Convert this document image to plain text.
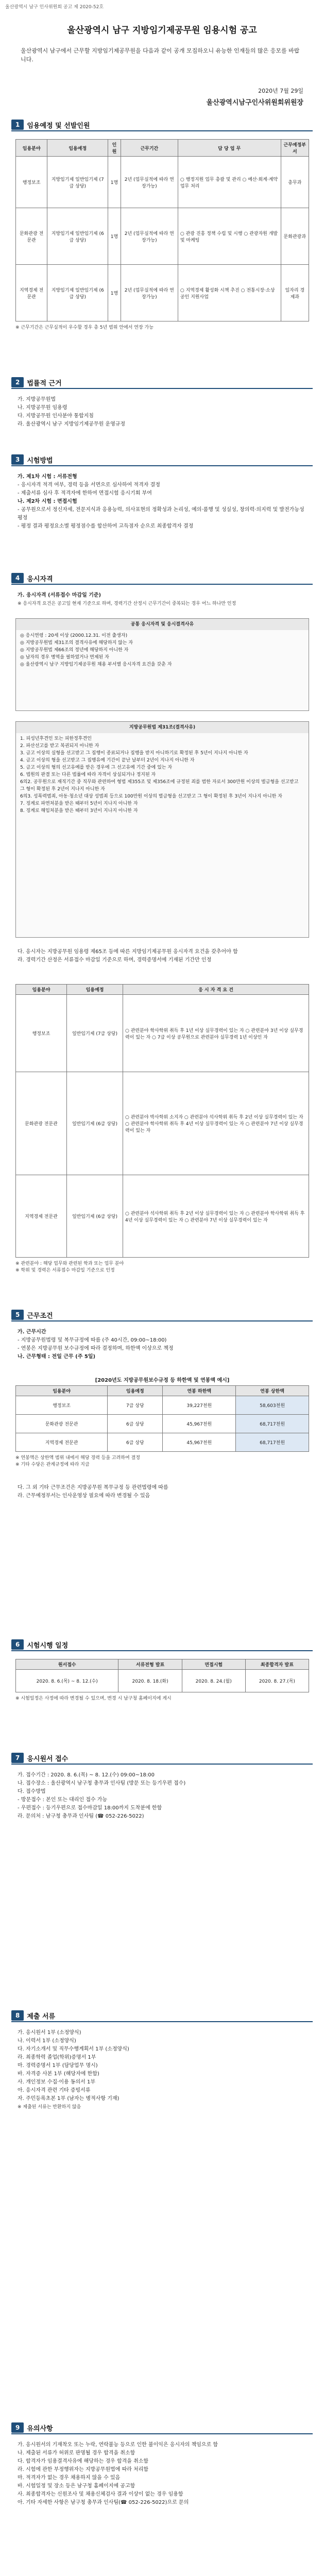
울산광역시 남구 인사위원회 공고 제 2020-52호
울산광역시 남구 지방임기제공무원 임용시험 공고
울산광역시 남구에서 근무할 지방임기제공무원을 다음과 같이 공개 모집하오니 유능한 인재들의 많은 응모를 바랍니다.
2020년 7월 29일
울산광역시남구인사위원회위원장
1	임용예정 및 선발인원
임용분야	임용예정	인원	근무기간	담 당 업 무	근무예정부서
행정보조	지방임기제 일반임기제 (7급 상당)	1명	2년 (업무실적에 따라 연장가능)	○ 행정지원 업무 총괄 및 관리 ○ 예산·회계·계약업무 처리	총무과
문화관광 전문관	지방임기제 일반임기제 (6급 상당)	1명	2년 (업무실적에 따라 연장가능)	○ 관광 진흥 정책 수립 및 시행 ○ 관광자원 개발 및 마케팅	문화관광과
지역경제 전문관	지방임기제 일반임기제 (6급 상당)	1명	2년 (업무실적에 따라 연장가능)	○ 지역경제 활성화 시책 추진 ○ 전통시장·소상공인 지원사업	일자리 경제과
※ 근무기간은 근무실적이 우수할 경우 총 5년 범위 안에서 연장 가능
2	법률적 근거

가. 지방공무원법

나. 지방공무원 임용령

다. 지방공무원 인사분야 통합지침

라. 울산광역시 남구 지방임기제공무원 운영규정

3	시험방법

가. 제1차 시험 : 서류전형

- 응시자격 적격 여부, 경력 등을 서면으로 심사하여 적격자 결정

- 제출서류 심사 후 적격자에 한하여 면접시험 응시기회 부여

나. 제2차 시험 : 면접시험

- 공무원으로서 정신자세, 전문지식과 응용능력, 의사표현의 정확성과 논리성, 예의·품행 및 성실성, 창의력·의지력 및 발전가능성 평정

- 평정 결과 평정요소별 평정점수를 합산하여 고득점자 순으로 최종합격자 결정

4	응시자격

가. 응시자격 (서류접수 마감일 기준)

※ 응시자격 요건은 공고일 현재 기준으로 하며, 경력기간 산정시 근무기간이 중복되는 경우 어느 하나만 인정

공통 응시자격 및 응시결격사유

◎ 응시연령 : 20세 이상 (2000.12.31. 이전 출생자)

◎ 지방공무원법 제31조의 결격사유에 해당하지 않는 자

◎ 지방공무원법 제66조의 정년에 해당하지 아니한 자

◎ 남자의 경우 병역을 필하였거나 면제된 자

◎ 울산광역시 남구 지방임기제공무원 채용 부서별 응시자격 요건을 갖춘 자

지방공무원법 제31조(결격사유)

1. 피성년후견인 또는 피한정후견인

2. 파산선고를 받고 복권되지 아니한 자

3. 금고 이상의 실형을 선고받고 그 집행이 종료되거나 집행을 받지 아니하기로 확정된 후 5년이 지나지 아니한 자

4. 금고 이상의 형을 선고받고 그 집행유예 기간이 끝난 날부터 2년이 지나지 아니한 자

5. 금고 이상의 형의 선고유예를 받은 경우에 그 선고유예 기간 중에 있는 자

6. 법원의 판결 또는 다른 법률에 따라 자격이 상실되거나 정지된 자

6의2. 공무원으로 재직기간 중 직무와 관련하여 형법 제355조 및 제356조에 규정된 죄를 범한 자로서 300만원 이상의 벌금형을 선고받고 그 형이 확정된 후 2년이 지나지 아니한 자

6의3. 성폭력범죄, 아동·청소년 대상 성범죄 등으로 100만원 이상의 벌금형을 선고받고 그 형이 확정된 후 3년이 지나지 아니한 자

7. 징계로 파면처분을 받은 때부터 5년이 지나지 아니한 자

8. 징계로 해임처분을 받은 때부터 3년이 지나지 아니한 자

다. 응시자는 지방공무원 임용령 제65조 등에 따른 지방임기제공무원 응시자격 요건을 갖추어야 함

라. 경력기간 산정은 서류접수 마감일 기준으로 하며, 경력증명서에 기재된 기간만 인정

임용분야	임용예정	응 시 자 격 요 건
행정보조	일반임기제 (7급 상당)	○ 관련분야 학사학위 취득 후 1년 이상 실무경력이 있는 자 ○ 관련분야 3년 이상 실무경력이 있는 자 ○ 7급 이상 공무원으로 관련분야 실무경력 1년 이상인 자
문화관광 전문관	일반임기제 (6급 상당)	○ 관련분야 박사학위 소지자 ○ 관련분야 석사학위 취득 후 2년 이상 실무경력이 있는 자 ○ 관련분야 학사학위 취득 후 4년 이상 실무경력이 있는 자 ○ 관련분야 7년 이상 실무경력이 있는 자
지역경제 전문관	일반임기제 (6급 상당)	○ 관련분야 석사학위 취득 후 2년 이상 실무경력이 있는 자 ○ 관련분야 학사학위 취득 후 4년 이상 실무경력이 있는 자 ○ 관련분야 7년 이상 실무경력이 있는 자
※ 관련분야 : 해당 업무와 관련된 학과 또는 업무 분야
※ 학위 및 경력은 서류접수 마감일 기준으로 인정
5	근무조건

가. 근무시간

- 지방공무원법령 및 복무규정에 따름 (주 40시간, 09:00~18:00)

- 연봉은 지방공무원 보수규정에 따라 결정하며, 하한액 이상으로 책정

나. 근무형태 : 전일 근무 (주 5일)

[2020년도 지방공무원보수규정 등 하한액 및 연봉액 예시]
임용분야	임용예정	연봉 하한액	연봉 상한액
행정보조	7급 상당	39,227천원	58,603천원
문화관광 전문관	6급 상당	45,967천원	68,717천원
지역경제 전문관	6급 상당	45,967천원	68,717천원
※ 연봉액은 상한액 범위 내에서 해당 경력 등을 고려하여 결정
※ 기타 수당은 관계규정에 따라 지급

다. 그 외 기타 근무조건은 지방공무원 복무규정 등 관련법령에 따름

라. 근무예정부서는 인사운영상 필요에 따라 변경될 수 있음

6	시험시행 일정
원서접수	서류전형 발표	면접시험	최종합격자 발표
2020. 8. 6.(목) ~ 8. 12.(수)	2020. 8. 18.(화)	2020. 8. 24.(월)	2020. 8. 27.(목)
※ 시험일정은 사정에 따라 변경될 수 있으며, 변경 시 남구청 홈페이지에 게시
7	응시원서 접수

가. 접수기간 : 2020. 8. 6.(목) ~ 8. 12.(수) 09:00~18:00

나. 접수장소 : 울산광역시 남구청 총무과 인사팀 (방문 또는 등기우편 접수)

다. 접수방법

- 방문접수 : 본인 또는 대리인 접수 가능

- 우편접수 : 등기우편으로 접수마감일 18:00까지 도착분에 한함

라. 문의처 : 남구청 총무과 인사팀 (☎ 052-226-5022)

8	제출 서류

가. 응시원서 1부 (소정양식)

나. 이력서 1부 (소정양식)

다. 자기소개서 및 직무수행계획서 1부 (소정양식)

라. 최종학력 졸업(학위)증명서 1부

마. 경력증명서 1부 (담당업무 명시)

바. 자격증 사본 1부 (해당자에 한함)

사. 개인정보 수집·이용 동의서 1부

아. 응시자격 관련 기타 증빙서류

자. 주민등록초본 1부 (남자는 병적사항 기재)

※ 제출된 서류는 반환하지 않음

9	유의사항

가. 응시원서의 기재착오 또는 누락, 연락불능 등으로 인한 불이익은 응시자의 책임으로 함

나. 제출된 서류가 허위로 판명될 경우 합격을 취소함

다. 합격자가 임용결격사유에 해당하는 경우 합격을 취소함

라. 시험에 관한 부정행위자는 지방공무원법에 따라 처리함

마. 적격자가 없는 경우 채용하지 않을 수 있음

바. 시험일정 및 장소 등은 남구청 홈페이지에 공고함

사. 최종합격자는 신원조사 및 채용신체검사 결과 이상이 없는 경우 임용함

아. 기타 자세한 사항은 남구청 총무과 인사팀(☎ 052-226-5022)으로 문의
